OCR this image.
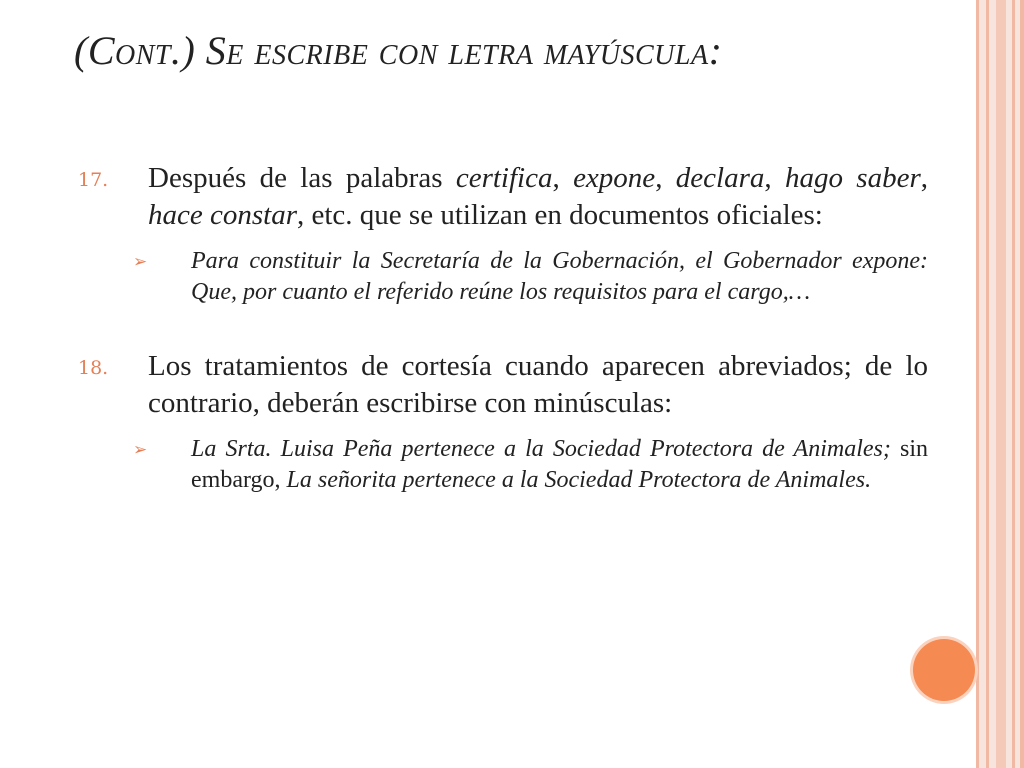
(Cont.) Se escribe con letra mayúscula:
17.	Después de las palabras certifica, expone, declara, hago saber, hace constar, etc. que se utilizan en documentos oficiales:
➢	Para constituir la Secretaría de la Gobernación, el Gobernador expone: Que, por cuanto el referido reúne los requisitos para el cargo,…
18.	Los tratamientos de cortesía cuando aparecen abreviados; de lo contrario, deberán escribirse con minúsculas:
➢	La Srta. Luisa Peña pertenece a la Sociedad Protectora de Animales; sin embargo, La señorita pertenece a la Sociedad Protectora de Animales.
